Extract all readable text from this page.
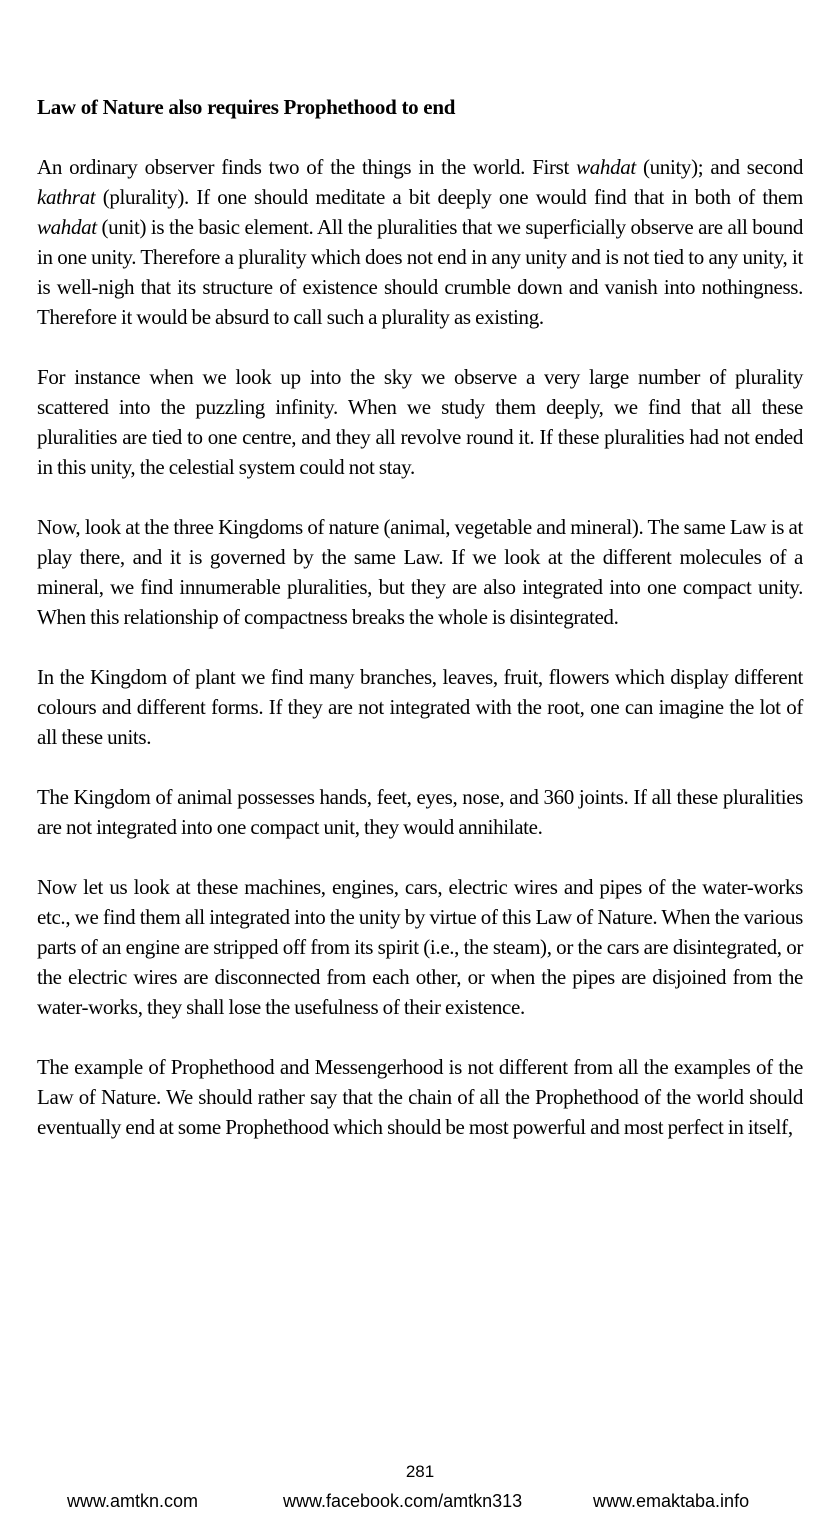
Law of Nature also requires Prophethood to end

An ordinary observer finds two of the things in the world. First wahdat (unity); and second kathrat (plurality). If one should meditate a bit deeply one would find that in both of them wahdat (unit) is the basic element. All the pluralities that we superficially observe are all bound in one unity. Therefore a plurality which does not end in any unity and is not tied to any unity, it is well-nigh that its structure of existence should crumble down and vanish into nothingness. Therefore it would be absurd to call such a plurality as existing.

For instance when we look up into the sky we observe a very large number of plurality scattered into the puzzling infinity. When we study them deeply, we find that all these pluralities are tied to one centre, and they all revolve round it. If these pluralities had not ended in this unity, the celestial system could not stay.

Now, look at the three Kingdoms of nature (animal, vegetable and mineral). The same Law is at play there, and it is governed by the same Law. If we look at the different molecules of a mineral, we find innumerable pluralities, but they are also integrated into one compact unity. When this relationship of compactness breaks the whole is disintegrated.

In the Kingdom of plant we find many branches, leaves, fruit, flowers which display different colours and different forms. If they are not integrated with the root, one can imagine the lot of all these units.

The Kingdom of animal possesses hands, feet, eyes, nose, and 360 joints. If all these pluralities are not integrated into one compact unit, they would annihilate.

Now let us look at these machines, engines, cars, electric wires and pipes of the water-works etc., we find them all integrated into the unity by virtue of this Law of Nature. When the various parts of an engine are stripped off from its spirit (i.e., the steam), or the cars are disintegrated, or the electric wires are disconnected from each other, or when the pipes are disjoined from the water-works, they shall lose the usefulness of their existence.

The example of Prophethood and Messengerhood is not different from all the examples of the Law of Nature. We should rather say that the chain of all the Prophethood of the world should eventually end at some Prophethood which should be most powerful and most perfect in itself,

281
www.amtkn.com	www.facebook.com/amtkn313	www.emaktaba.info
